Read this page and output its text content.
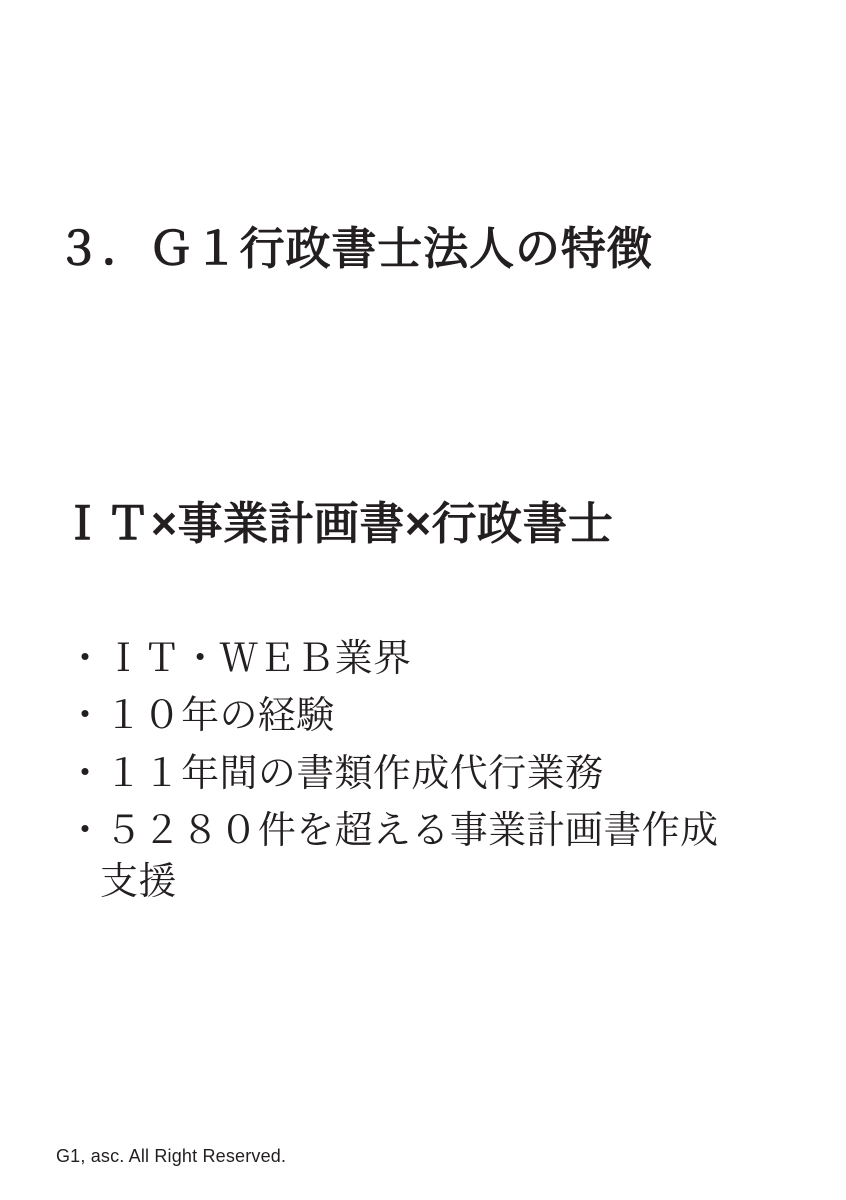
３．Ｇ１行政書士法人の特徴
ＩＴ×事業計画書×行政書士
・ＩＴ・ＷＥＢ業界
・１０年の経験
・１１年間の書類作成代行業務
・５２８０件を超える事業計画書作成
支援
G1, asc. All Right Reserved.
